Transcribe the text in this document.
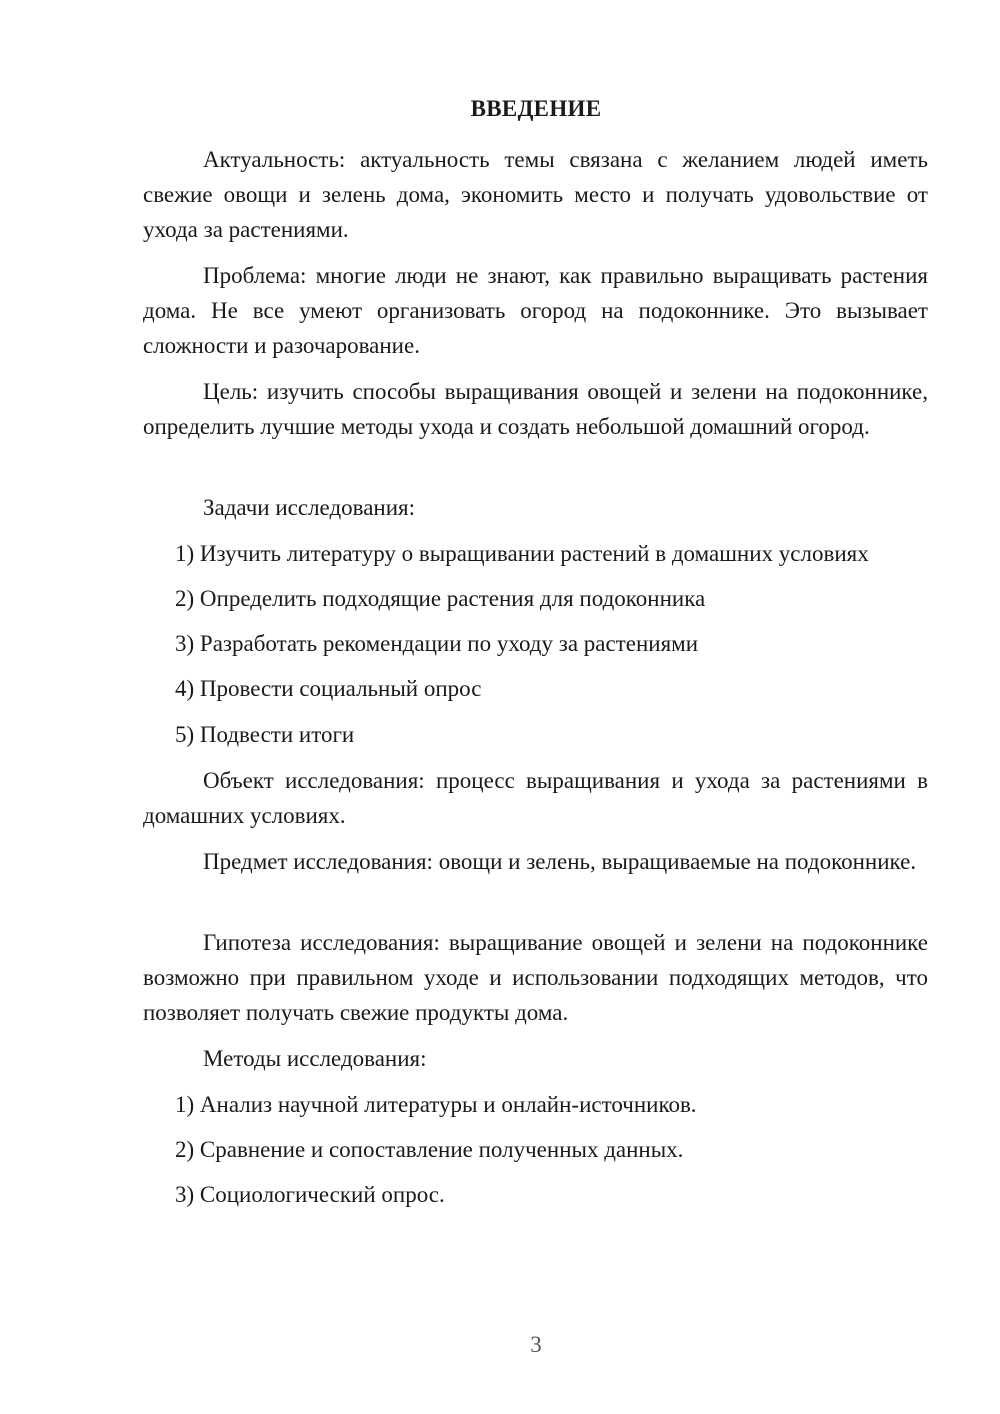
ВВЕДЕНИЕ

Актуальность: актуальность темы связана с желанием людей иметь свежие овощи и зелень дома, экономить место и получать удовольствие от ухода за растениями.

Проблема: многие люди не знают, как правильно выращивать растения дома. Не все умеют организовать огород на подоконнике. Это вызывает сложности и разочарование.

Цель: изучить способы выращивания овощей и зелени на подоконнике, определить лучшие методы ухода и создать небольшой домашний огород.

Задачи исследования:

1) Изучить литературу о выращивании растений в домашних условиях

2) Определить подходящие растения для подоконника

3) Разработать рекомендации по уходу за растениями

4) Провести социальный опрос

5) Подвести итоги

Объект исследования: процесс выращивания и ухода за растениями в домашних условиях.

Предмет исследования: овощи и зелень, выращиваемые на подоконнике.

Гипотеза исследования: выращивание овощей и зелени на подоконнике возможно при правильном уходе и использовании подходящих методов, что позволяет получать свежие продукты дома.

Методы исследования:

1) Анализ научной литературы и онлайн-источников.

2) Сравнение и сопоставление полученных данных.

3) Социологический опрос.

3
